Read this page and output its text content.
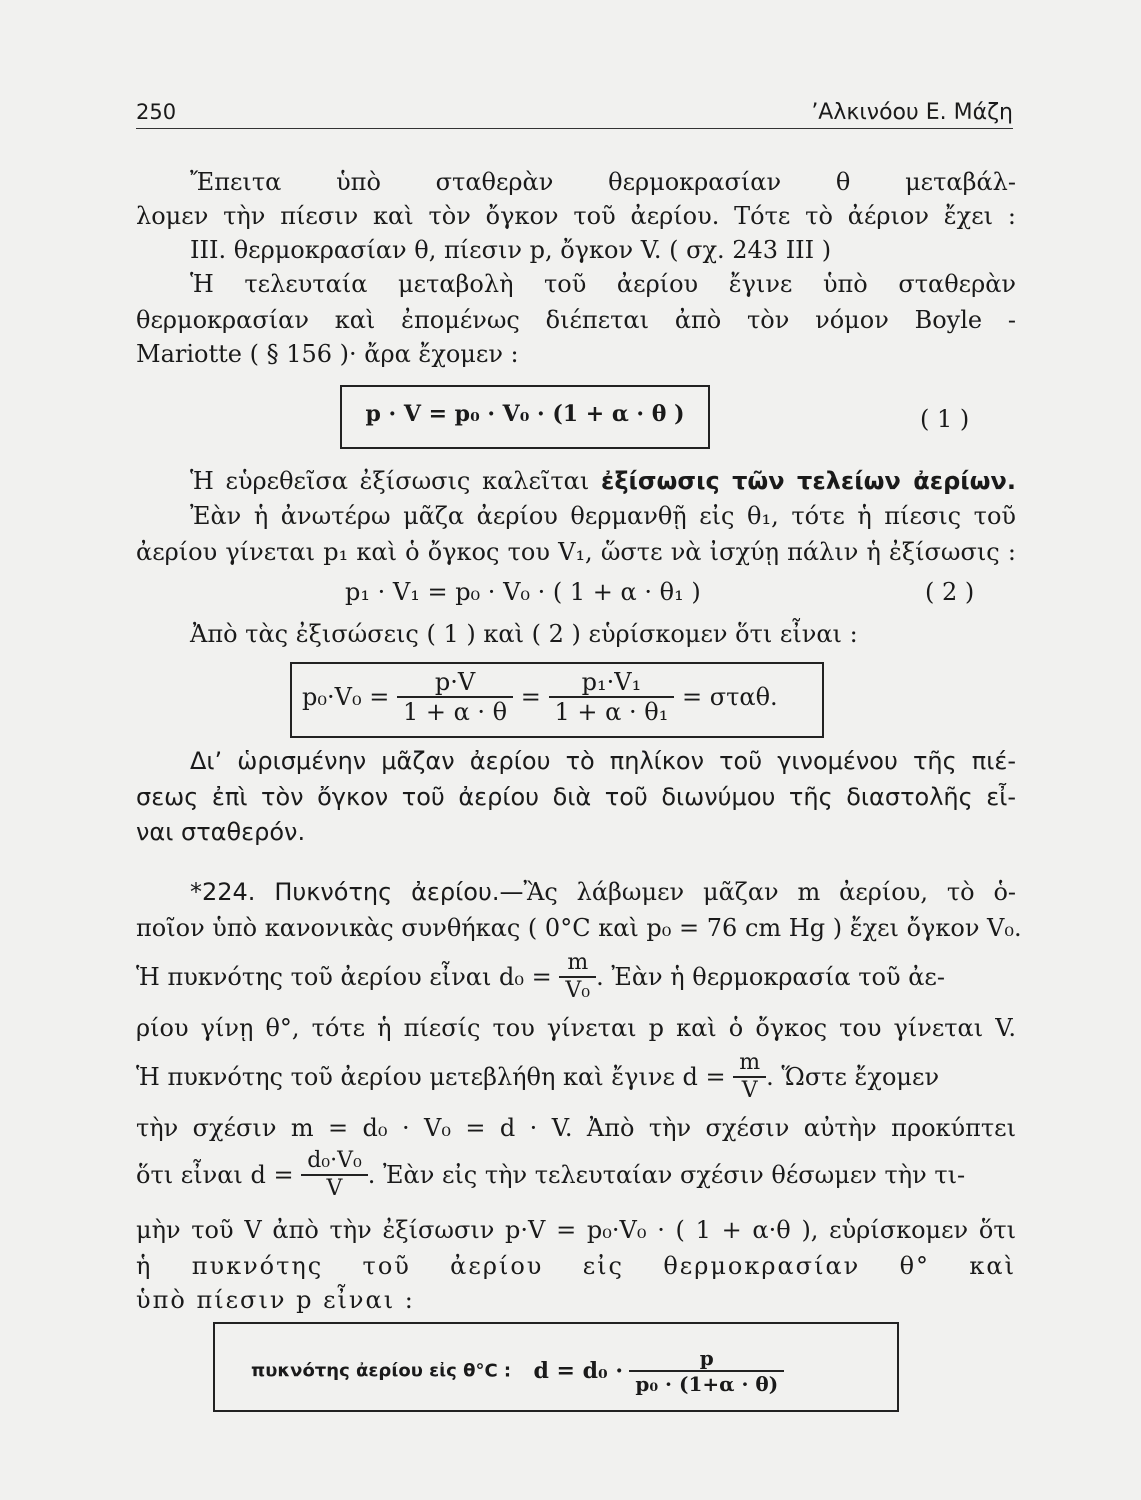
250	’Αλκινόου Ε. Μάζη
Ἔπειτα ὑπὸ σταθερὰν θερμοκρασίαν θ μεταβάλ-
λομεν τὴν πίεσιν καὶ τὸν ὄγκον τοῦ ἀερίου. Τότε τὸ ἀέριον ἔχει :
ΙΙΙ. θερμοκρασίαν θ, πίεσιν p, ὄγκον V. ( σχ. 243 ΙΙΙ )
Ἡ τελευταία μεταβολὴ τοῦ ἀερίου ἔγινε ὑπὸ σταθερὰν
θερμοκρασίαν καὶ ἐπομένως διέπεται ἀπὸ τὸν νόμον Boyle -
Mariotte ( § 156 )· ἄρα ἔχομεν :
p · V = p₀ · V₀ · (1 + α · θ )	( 1 )
Ἡ εὑρεθεῖσα ἐξίσωσις καλεῖται ἐξίσωσις τῶν τελείων ἀερίων.
Ἐὰν ἡ ἀνωτέρω μᾶζα ἀερίου θερμανθῇ εἰς θ₁, τότε ἡ πίεσις τοῦ
ἀερίου γίνεται p₁ καὶ ὁ ὄγκος του V₁, ὥστε νὰ ἰσχύῃ πάλιν ἡ ἐξίσωσις :
p₁ · V₁ = p₀ · V₀ · ( 1 + α · θ₁ )	( 2 )
Ἀπὸ τὰς ἐξισώσεις ( 1 ) καὶ ( 2 ) εὑρίσκομεν ὅτι εἶναι :
$p_0\cdot V_0 = \frac{p\cdot V}{1 + \alpha \cdot \theta} = \frac{\text{p₁·V₁}}{\text{1 + α · θ₁}} = \sigma\tau\alpha\theta$.
Δι’ ὡρισμένην μᾶζαν ἀερίου τὸ πηλίκον τοῦ γινομένου τῆς πιέ-
σεως ἐπὶ τὸν ὄγκον τοῦ ἀερίου διὰ τοῦ διωνύμου τῆς διαστολῆς εἶ-
ναι σταθερόν.
*224. Πυκνότης ἀερίου.—Ἂς λάβωμεν μᾶζαν m ἀερίου, τὸ ὁ-
ποῖον ὑπὸ κανονικὰς συνθήκας ( 0°C καὶ p₀ = 76 cm Hg ) ἔχει ὄγκον V₀.
Ἡ πυκνότης τοῦ ἀερίου εἶναι $d_0 = \frac{m}{\text{V₀}}$ . Ἐὰν ἡ θερμοκρασία τοῦ ἀε-
ρίου γίνῃ θ°, τότε ἡ πίεσίς του γίνεται p καὶ ὁ ὄγκος του γίνεται V.
Ἡ πυκνότης τοῦ ἀερίου μετεβλήθη καὶ ἔγινε $d = \frac{m}{V}$ . Ὥστε ἔχομεν
τὴν σχέσιν m = d₀ · V₀ = d · V. Ἀπὸ τὴν σχέσιν αὐτὴν προκύπτει
ὅτι εἶναι $d = \frac{\text{d₀·V₀}}{V}$ . Ἐὰν εἰς τὴν τελευταίαν σχέσιν θέσωμεν τὴν τι-
μὴν τοῦ V ἀπὸ τὴν ἐξίσωσιν p·V = p₀·V₀ · ( 1 + α·θ ), εὑρίσκομεν ὅτι
ἡ πυκνότης τοῦ ἀερίου εἰς θερμοκρασίαν θ° καὶ
ὑπὸ πίεσιν p εἶναι :
πυκνότης ἀερίου εἰς θ°C : $d = d_0 \cdot \frac{p}{\text{p₀ · (1+α · θ)}}$
